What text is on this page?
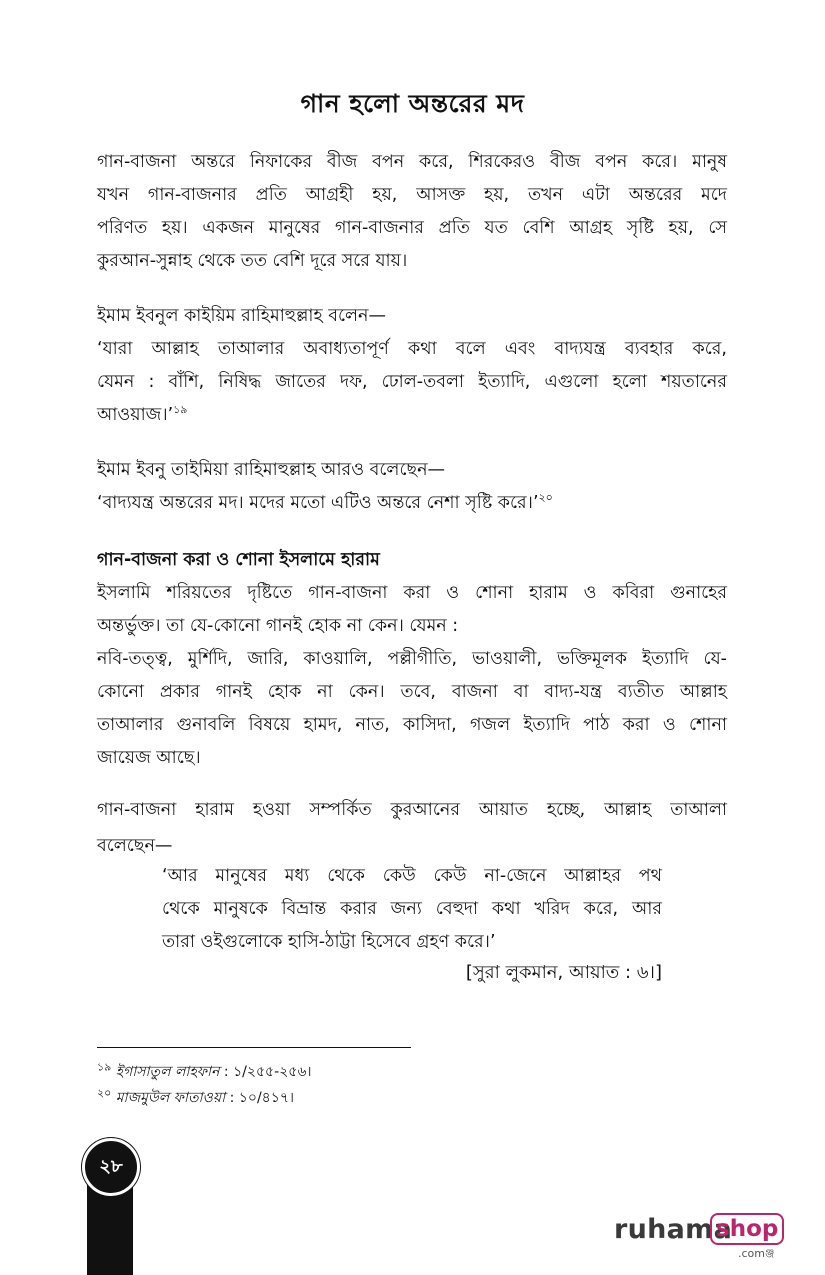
গান হলো অন্তরের মদ
গান-বাজনা অন্তরে নিফাকের বীজ বপন করে, শিরকেরও বীজ বপন করে। মানুষ
যখন গান-বাজনার প্রতি আগ্রহী হয়, আসক্ত হয়, তখন এটা অন্তরের মদে
পরিণত হয়। একজন মানুষের গান-বাজনার প্রতি যত বেশি আগ্রহ সৃষ্টি হয়, সে
কুরআন-সুন্নাহ থেকে তত বেশি দূরে সরে যায়।
ইমাম ইবনুল কাইয়িম রাহিমাহুল্লাহ বলেন—
‘যারা আল্লাহ তাআলার অবাধ্যতাপূর্ণ কথা বলে এবং বাদ্যযন্ত্র ব্যবহার করে,
যেমন : বাঁশি, নিষিদ্ধ জাতের দফ, ঢোল-তবলা ইত্যাদি, এগুলো হলো শয়তানের
আওয়াজ।’$^{১৯}$
ইমাম ইবনু তাইমিয়া রাহিমাহুল্লাহ আরও বলেছেন—
‘বাদ্যযন্ত্র অন্তরের মদ। মদের মতো এটিও অন্তরে নেশা সৃষ্টি করে।’$^{২০}$
গান-বাজনা করা ও শোনা ইসলামে হারাম
ইসলামি শরিয়তের দৃষ্টিতে গান-বাজনা করা ও শোনা হারাম ও কবিরা গুনাহের
অন্তর্ভুক্ত। তা যে-কোনো গানই হোক না কেন। যেমন :
নবি-তত্ত্ব, মুর্শিদি, জারি, কাওয়ালি, পল্লীগীতি, ভাওয়ালী, ভক্তিমূলক ইত্যাদি যে-
কোনো প্রকার গানই হোক না কেন। তবে, বাজনা বা বাদ্য-যন্ত্র ব্যতীত আল্লাহ
তাআলার গুনাবলি বিষয়ে হামদ, নাত, কাসিদা, গজল ইত্যাদি পাঠ করা ও শোনা
জায়েজ আছে।
গান-বাজনা হারাম হওয়া সম্পর্কিত কুরআনের আয়াত হচ্ছে, আল্লাহ তাআলা
বলেছেন—
‘আর মানুষের মধ্য থেকে কেউ কেউ না-জেনে আল্লাহর পথ
থেকে মানুষকে বিভ্রান্ত করার জন্য বেহুদা কথা খরিদ করে, আর
তারা ওইগুলোকে হাসি-ঠাট্টা হিসেবে গ্রহণ করে।’
[সুরা লুকমান, আয়াত : ৬।]
$^{১৯}$ ইগাসাতুল লাহফান : ১/২৫৫-২৫৬।
$^{২০}$ মাজমুউল ফাতাওয়া : ১০/৪১৭।
২৮
ruhama
shop
.comঞ্জ
